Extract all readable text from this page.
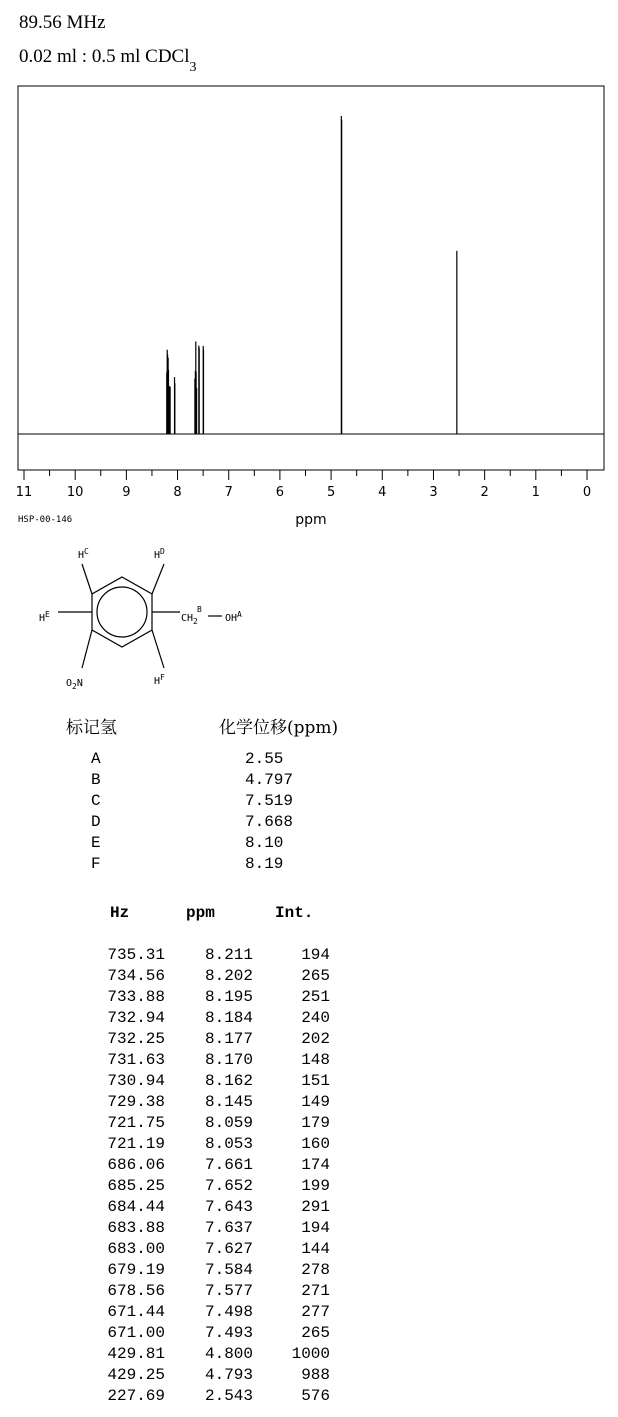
89.56 MHz
0.02 ml : 0.5 ml CDCl$_3$
11	10	9	8	7	6	5	4	3	2	1	0
ppm
HSP-00-146
$H^C$	$H^D$
$H^E$	$CH_2$
B
$OH^A$
$O_2N$	$H^F$
标记氢	化学位移(ppm)
A	2.55
B	4.797
C	7.519
D	7.668
E	8.10
F	8.19
Hz	ppm	Int.
735.31	8.211	194
734.56	8.202	265
733.88	8.195	251
732.94	8.184	240
732.25	8.177	202
731.63	8.170	148
730.94	8.162	151
729.38	8.145	149
721.75	8.059	179
721.19	8.053	160
686.06	7.661	174
685.25	7.652	199
684.44	7.643	291
683.88	7.637	194
683.00	7.627	144
679.19	7.584	278
678.56	7.577	271
671.44	7.498	277
671.00	7.493	265
429.81	4.800	1000
429.25	4.793	988
227.69	2.543	576
